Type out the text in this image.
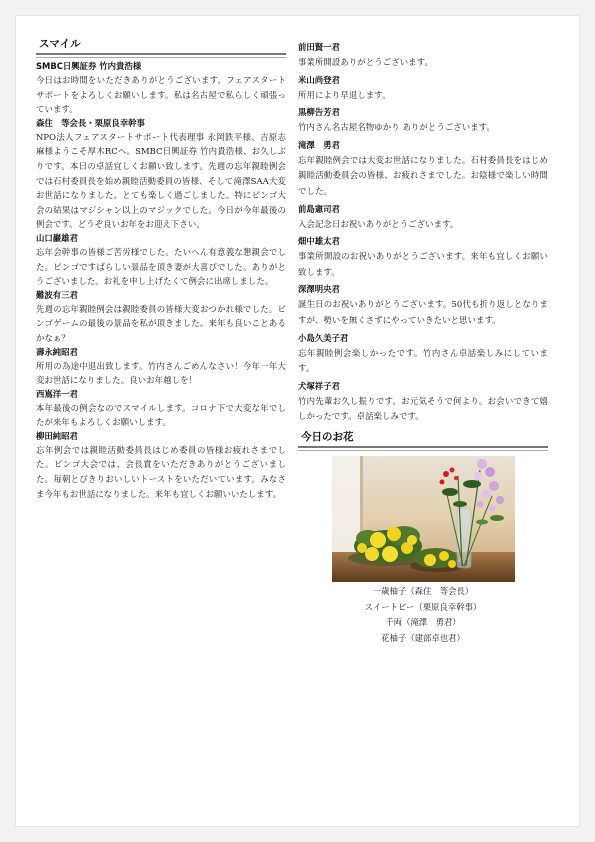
スマイル
SMBC日興証券 竹内貴浩様
今日はお時間をいただきありがとうございます。フェアスタートサポートをよろしくお願いします。私は名古屋で私らしく頑張っています。
森住　等会長・栗原良幸幹事
NPO法人フェアスタートサポート代表理事 永岡鉄平様、吉原志麻様ようこそ厚木RCへ。SMBC日興証券 竹内貴浩様、お久しぶりです。本日の卓話宜しくお願い致します。先週の忘年親睦例会では石村委員長を始め親睦活動委員の皆様、そして滝澤SAA大変お世話になりました。とても楽しく過ごしました。特にビンゴ大会の結果はマジシャン以上のマジックでした。今日が今年最後の例会です。どうぞ良いお年をお迎え下さい。
山口巖雄君
忘年会幹事の皆様ご苦労様でした。たいへん有意義な懇親会でした。ビンゴですばらしい景品を頂き妻が大喜びでした。ありがとうございました。お礼を申し上げたくて例会に出席しました。
難波有三君
先週の忘年親睦例会は親睦委員の皆様大変おつかれ様でした。ビンゴゲームの最後の景品を私が頂きました。来年も良いことあるかなぁ？
壽永純昭君
所用の為途中退出致します。竹内さんごめんなさい！今年一年大変お世話になりました。良いお年越しを！
西嶌洋一君
本年最後の例会なのでスマイルします。コロナ下で大変な年でしたが来年もよろしくお願いします。
柳田純昭君
忘年例会では親睦活動委員長はじめ委員の皆様お疲れさまでした。ビンゴ大会では、会長賞をいただきありがとうございました。毎朝とびきりおいしいトーストをいただいています。みなさま今年もお世話になりました。来年も宜しくお願いいたします。
前田賢一君
事業所開設ありがとうございます。
米山尚登君
所用により早退します。
黒柳告芳君
竹内さん名古屋名物ゆかり ありがとうございます。
滝澤　勇君
忘年親睦例会では大変お世話になりました。石村委員長をはじめ親睦活動委員会の皆様、お疲れさまでした。お陰様で楽しい時間でした。
前島憲司君
入会記念日お祝いありがとうございます。
畑中雄太君
事業所開設のお祝いありがとうございます。来年も宜しくお願い致します。
深澤明央君
誕生日のお祝いありがとうございます。50代も折り返しとなりますが、勢いを無くさずにやっていきたいと思います。
小島久美子君
忘年親睦例会楽しかったです。竹内さん卓話楽しみにしています。
犬塚祥子君
竹内先輩お久し振りです。お元気そうで何より。お会いできて嬉しかったです。卓話楽しみです。
今日のお花
一歳柚子（森住　等会長）
スイートピー（栗原良幸幹事）
千両（滝澤　勇君）
花柚子（建部卓也君）
